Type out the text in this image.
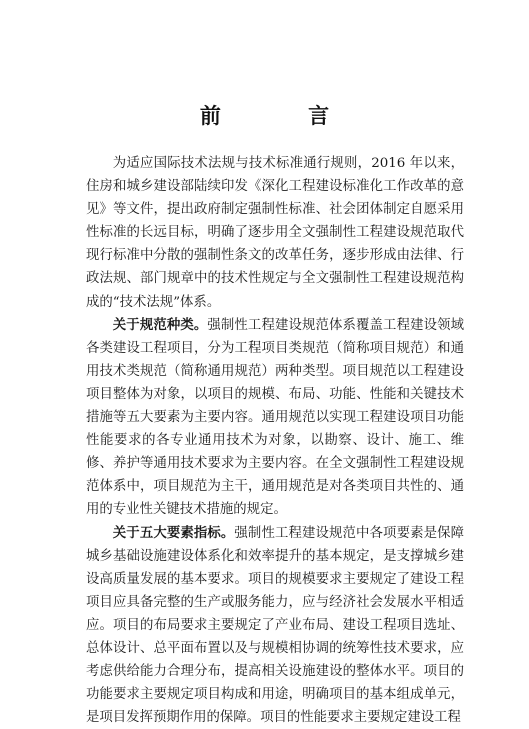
前 言

为适应国际技术法规与技术标准通行规则，2016 年以来，住房和城乡建设部陆续印发《深化工程建设标准化工作改革的意见》等文件，提出政府制定强制性标准、社会团体制定自愿采用性标准的长远目标，明确了逐步用全文强制性工程建设规范取代现行标准中分散的强制性条文的改革任务，逐步形成由法律、行政法规、部门规章中的技术性规定与全文强制性工程建设规范构成的“技术法规”体系。

关于规范种类。强制性工程建设规范体系覆盖工程建设领域各类建设工程项目，分为工程项目类规范（简称项目规范）和通用技术类规范（简称通用规范）两种类型。项目规范以工程建设项目整体为对象，以项目的规模、布局、功能、性能和关键技术措施等五大要素为主要内容。通用规范以实现工程建设项目功能性能要求的各专业通用技术为对象，以勘察、设计、施工、维修、养护等通用技术要求为主要内容。在全文强制性工程建设规范体系中，项目规范为主干，通用规范是对各类项目共性的、通用的专业性关键技术措施的规定。

关于五大要素指标。强制性工程建设规范中各项要素是保障城乡基础设施建设体系化和效率提升的基本规定，是支撑城乡建设高质量发展的基本要求。项目的规模要求主要规定了建设工程项目应具备完整的生产或服务能力，应与经济社会发展水平相适应。项目的布局要求主要规定了产业布局、建设工程项目选址、总体设计、总平面布置以及与规模相协调的统筹性技术要求，应考虑供给能力合理分布，提高相关设施建设的整体水平。项目的功能要求主要规定项目构成和用途，明确项目的基本组成单元，是项目发挥预期作用的保障。项目的性能要求主要规定建设工程
